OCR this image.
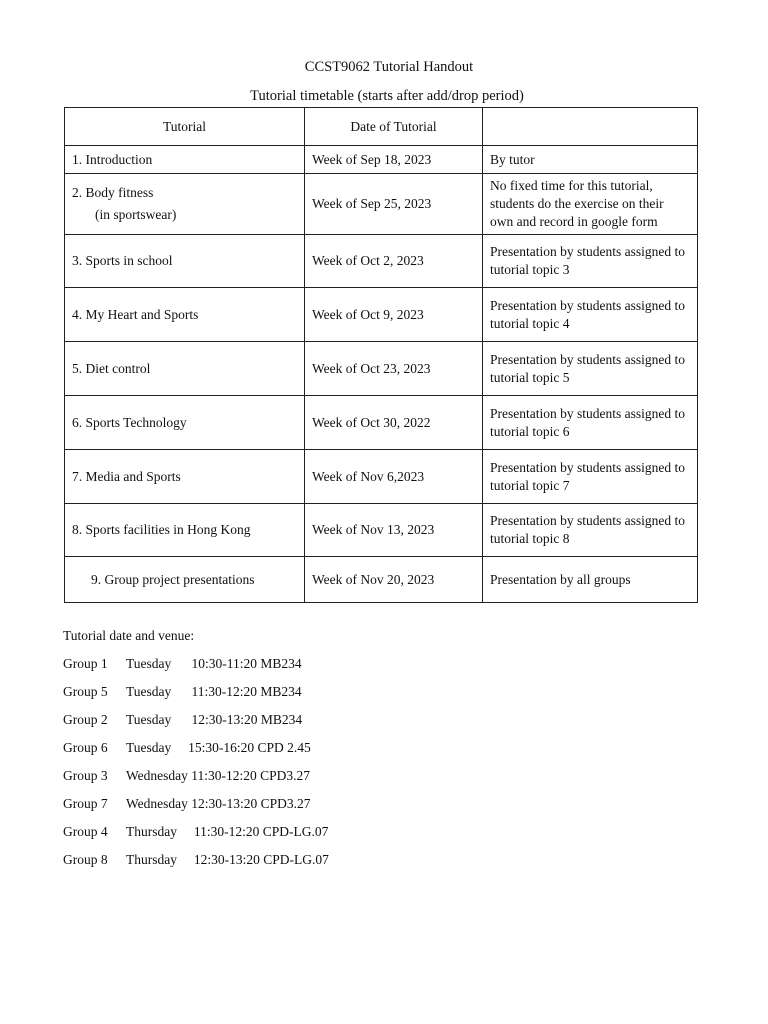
CCST9062 Tutorial Handout
Tutorial timetable (starts after add/drop period)
Tutorial	Date of Tutorial	
1. Introduction	Week of Sep 18, 2023	By tutor
2. Body fitness
(in sportswear)	Week of Sep 25, 2023	No fixed time for this tutorial, students do the exercise on their own and record in google form
3. Sports in school	Week of Oct 2, 2023	Presentation by students assigned to tutorial topic 3
4. My Heart and Sports	Week of Oct 9, 2023	Presentation by students assigned to tutorial topic 4
5. Diet control	Week of Oct 23, 2023	Presentation by students assigned to tutorial topic 5
6. Sports Technology	Week of Oct 30, 2022	Presentation by students assigned to tutorial topic 6
7. Media and Sports	Week of Nov 6,2023	Presentation by students assigned to tutorial topic 7
8. Sports facilities in Hong Kong	Week of Nov 13, 2023	Presentation by students assigned to tutorial topic 8
9. Group project presentations	Week of Nov 20, 2023	Presentation by all groups
Tutorial date and venue:
Group 1	Tuesday      10:30-11:20 MB234
Group 5	Tuesday      11:30-12:20 MB234
Group 2	Tuesday      12:30-13:20 MB234
Group 6	Tuesday     15:30-16:20 CPD 2.45
Group 3	Wednesday 11:30-12:20 CPD3.27
Group 7	Wednesday 12:30-13:20 CPD3.27
Group 4	Thursday     11:30-12:20 CPD-LG.07
Group 8	Thursday     12:30-13:20 CPD-LG.07
